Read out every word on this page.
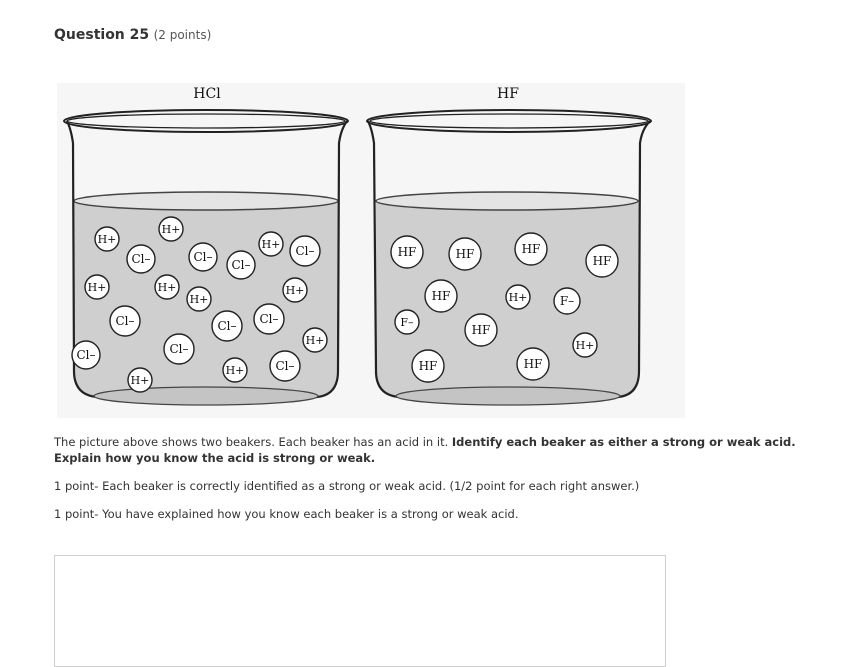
Question 25 (2 points)
HCl
H+
H+
Cl–	Cl–
H+
Cl–
Cl–
H+	H+
H+
H+
Cl–	Cl– Cl–
H+
Cl–	Cl–
H+
H+	Cl–
HF
HF	HF	HF
HF
HF	H+	F–
F–
HF
H+
HF	HF

The picture above shows two beakers. Each beaker has an acid in it. Identify each beaker as either a strong or weak acid. Explain how you know the acid is strong or weak.

1 point- Each beaker is correctly identified as a strong or weak acid. (1/2 point for each right answer.)

1 point- You have explained how you know each beaker is a strong or weak acid.
